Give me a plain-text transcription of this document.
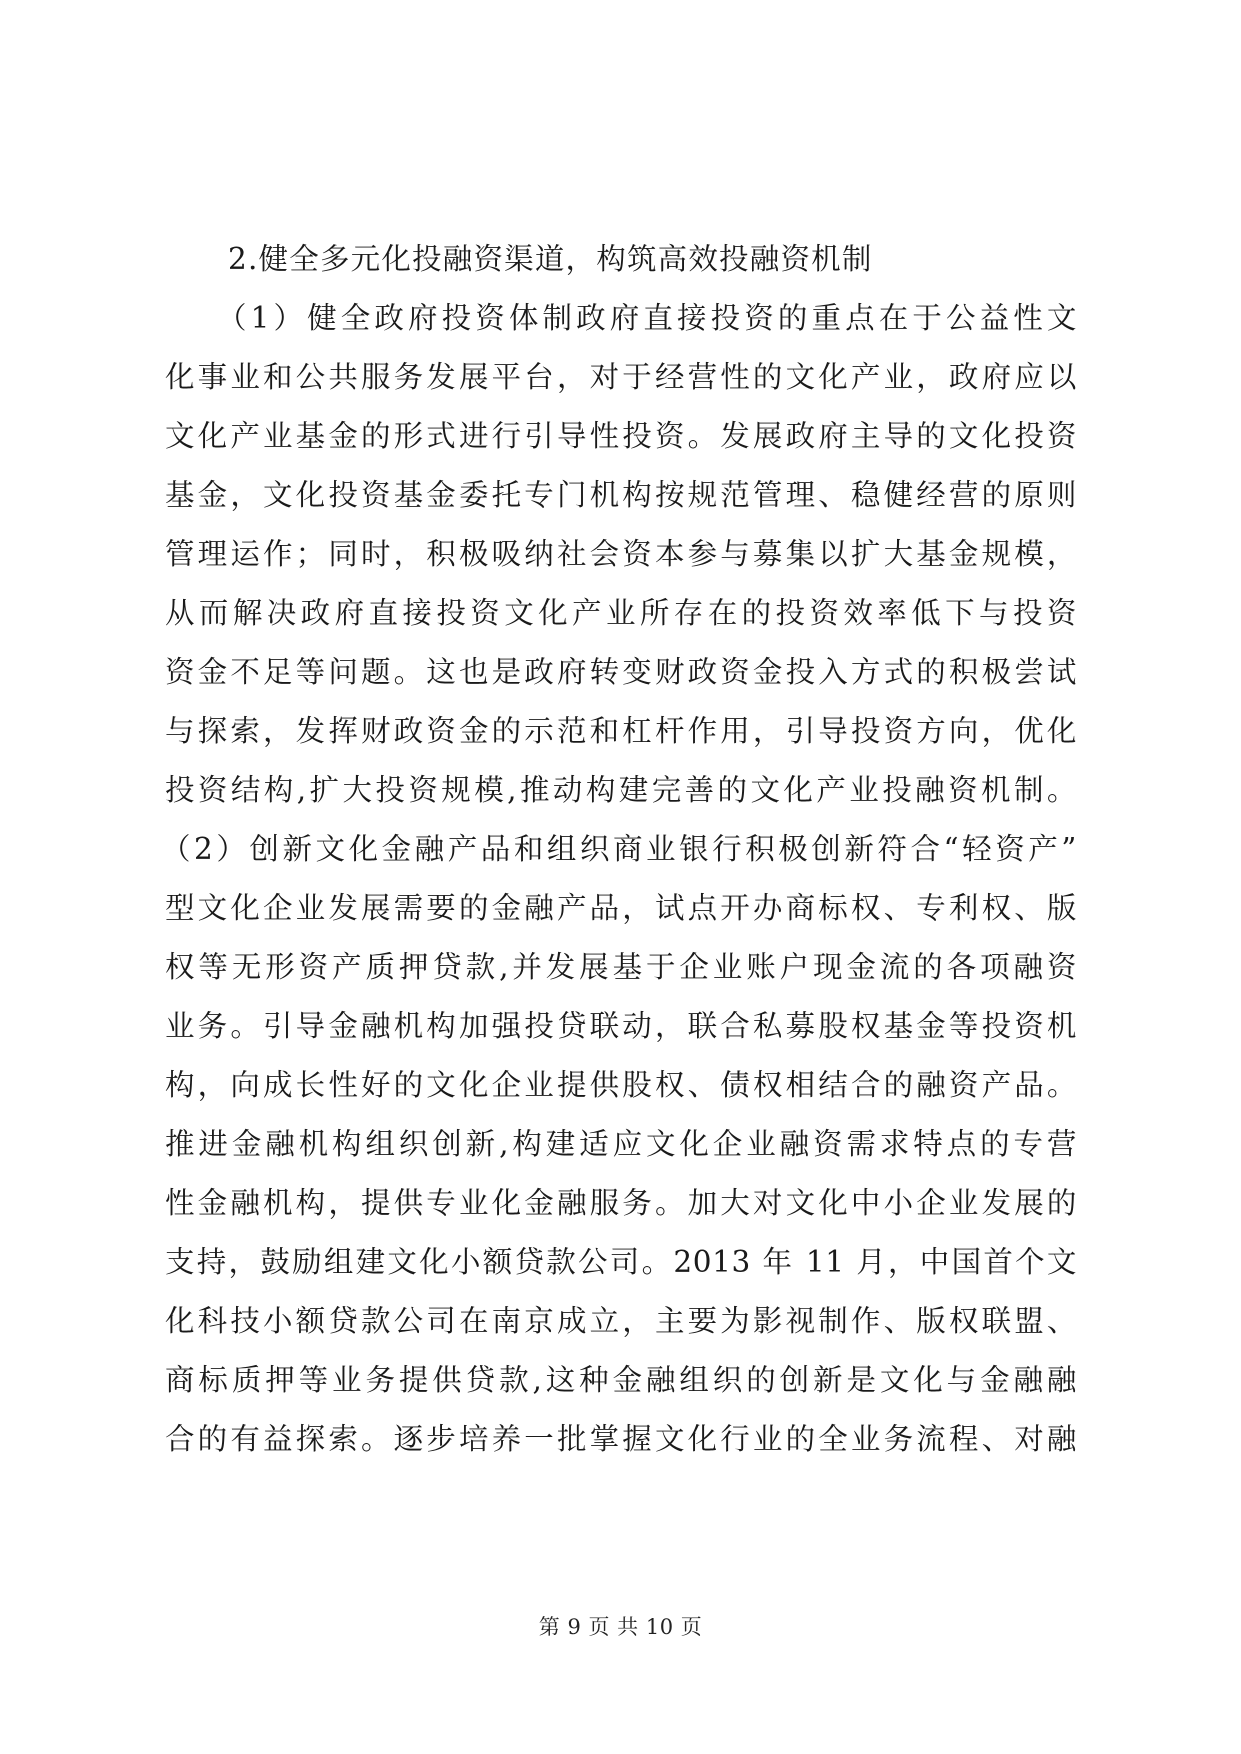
2.健全多元化投融资渠道，构筑高效投融资机制
（1）健全政府投资体制政府直接投资的重点在于公益性文
化事业和公共服务发展平台，对于经营性的文化产业，政府应以
文化产业基金的形式进行引导性投资。发展政府主导的文化投资
基金，文化投资基金委托专门机构按规范管理、稳健经营的原则
管理运作；同时，积极吸纳社会资本参与募集以扩大基金规模，
从而解决政府直接投资文化产业所存在的投资效率低下与投资
资金不足等问题。这也是政府转变财政资金投入方式的积极尝试
与探索，发挥财政资金的示范和杠杆作用，引导投资方向，优化
投资结构,扩大投资规模,推动构建完善的文化产业投融资机制。
（2）创新文化金融产品和组织商业银行积极创新符合“轻资产”
型文化企业发展需要的金融产品，试点开办商标权、专利权、版
权等无形资产质押贷款,并发展基于企业账户现金流的各项融资
业务。引导金融机构加强投贷联动，联合私募股权基金等投资机
构，向成长性好的文化企业提供股权、债权相结合的融资产品。
推进金融机构组织创新,构建适应文化企业融资需求特点的专营
性金融机构，提供专业化金融服务。加大对文化中小企业发展的
支持，鼓励组建文化小额贷款公司。2013 年 11 月，中国首个文
化科技小额贷款公司在南京成立，主要为影视制作、版权联盟、
商标质押等业务提供贷款,这种金融组织的创新是文化与金融融
合的有益探索。逐步培养一批掌握文化行业的全业务流程、对融
第 9 页 共 10 页
